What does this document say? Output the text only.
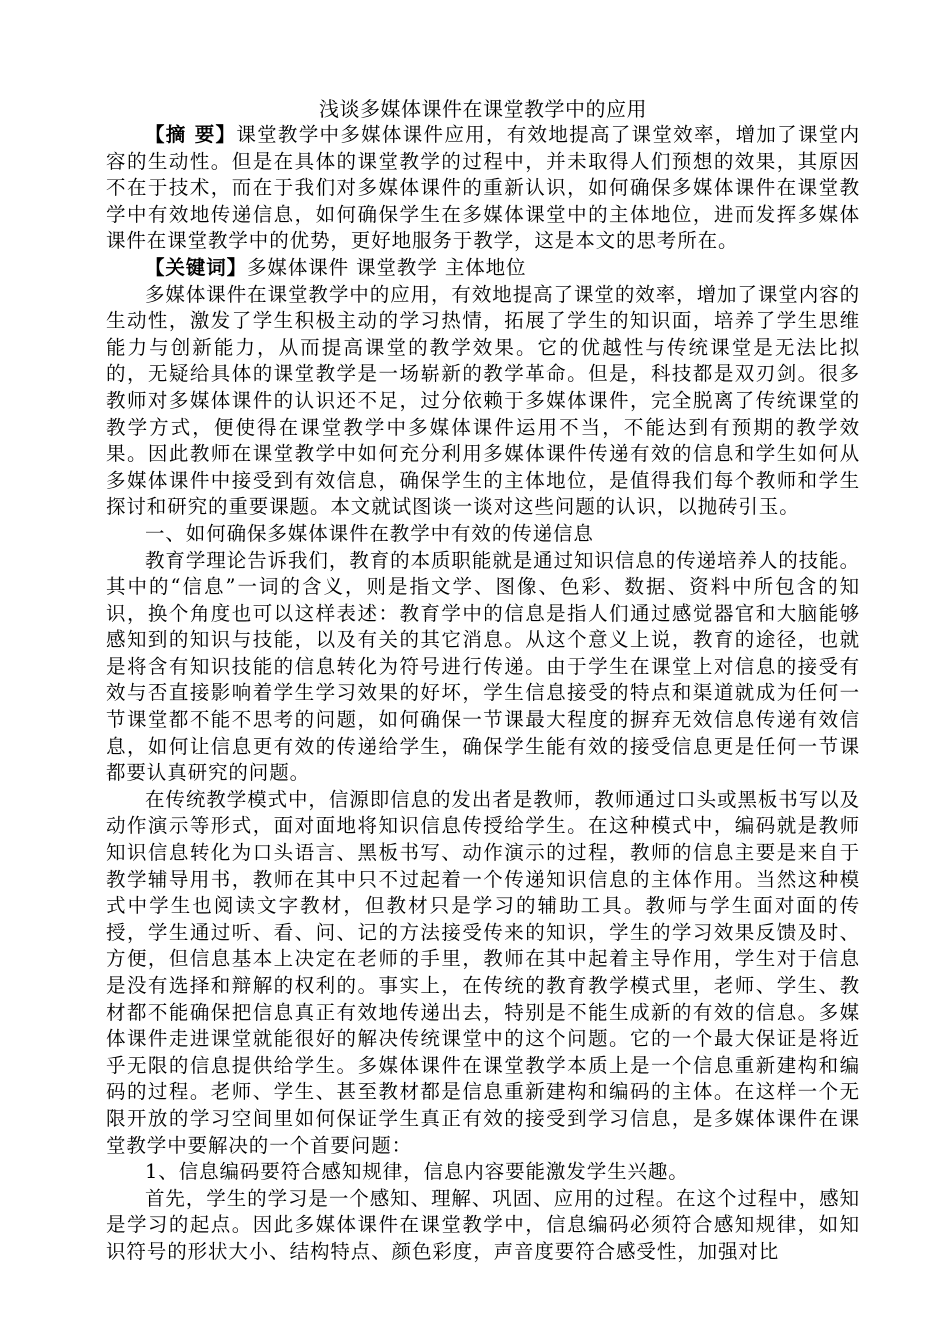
浅谈多媒体课件在课堂教学中的应用

【摘 要】课堂教学中多媒体课件应用，有效地提高了课堂效率，增加了课堂内容的生动性。但是在具体的课堂教学的过程中，并未取得人们预想的效果，其原因不在于技术，而在于我们对多媒体课件的重新认识，如何确保多媒体课件在课堂教学中有效地传递信息，如何确保学生在多媒体课堂中的主体地位，进而发挥多媒体课件在课堂教学中的优势，更好地服务于教学，这是本文的思考所在。

【关键词】多媒体课件 课堂教学 主体地位

多媒体课件在课堂教学中的应用，有效地提高了课堂的效率，增加了课堂内容的生动性，激发了学生积极主动的学习热情，拓展了学生的知识面，培养了学生思维能力与创新能力，从而提高课堂的教学效果。它的优越性与传统课堂是无法比拟的，无疑给具体的课堂教学是一场崭新的教学革命。但是，科技都是双刃剑。很多教师对多媒体课件的认识还不足，过分依赖于多媒体课件，完全脱离了传统课堂的教学方式，便使得在课堂教学中多媒体课件运用不当，不能达到有预期的教学效果。因此教师在课堂教学中如何充分利用多媒体课件传递有效的信息和学生如何从多媒体课件中接受到有效信息，确保学生的主体地位，是值得我们每个教师和学生探讨和研究的重要课题。本文就试图谈一谈对这些问题的认识，以抛砖引玉。

一、如何确保多媒体课件在教学中有效的传递信息

教育学理论告诉我们，教育的本质职能就是通过知识信息的传递培养人的技能。其中的“信息”一词的含义，则是指文学、图像、色彩、数据、资料中所包含的知识，换个角度也可以这样表述：教育学中的信息是指人们通过感觉器官和大脑能够感知到的知识与技能，以及有关的其它消息。从这个意义上说，教育的途径，也就是将含有知识技能的信息转化为符号进行传递。由于学生在课堂上对信息的接受有效与否直接影响着学生学习效果的好坏，学生信息接受的特点和渠道就成为任何一节课堂都不能不思考的问题，如何确保一节课最大程度的摒弃无效信息传递有效信息，如何让信息更有效的传递给学生，确保学生能有效的接受信息更是任何一节课都要认真研究的问题。

在传统教学模式中，信源即信息的发出者是教师，教师通过口头或黑板书写以及动作演示等形式，面对面地将知识信息传授给学生。在这种模式中，编码就是教师知识信息转化为口头语言、黑板书写、动作演示的过程，教师的信息主要是来自于教学辅导用书，教师在其中只不过起着一个传递知识信息的主体作用。当然这种模式中学生也阅读文字教材，但教材只是学习的辅助工具。教师与学生面对面的传授，学生通过听、看、问、记的方法接受传来的知识，学生的学习效果反馈及时、方便，但信息基本上决定在老师的手里，教师在其中起着主导作用，学生对于信息是没有选择和辩解的权利的。事实上，在传统的教育教学模式里，老师、学生、教材都不能确保把信息真正有效地传递出去，特别是不能生成新的有效的信息。多媒体课件走进课堂就能很好的解决传统课堂中的这个问题。它的一个最大保证是将近乎无限的信息提供给学生。多媒体课件在课堂教学本质上是一个信息重新建构和编码的过程。老师、学生、甚至教材都是信息重新建构和编码的主体。在这样一个无限开放的学习空间里如何保证学生真正有效的接受到学习信息，是多媒体课件在课堂教学中要解决的一个首要问题：

1、信息编码要符合感知规律，信息内容要能激发学生兴趣。

首先，学生的学习是一个感知、理解、巩固、应用的过程。在这个过程中，感知是学习的起点。因此多媒体课件在课堂教学中，信息编码必须符合感知规律，如知识符号的形状大小、结构特点、颜色彩度，声音度要符合感受性，加强对比
